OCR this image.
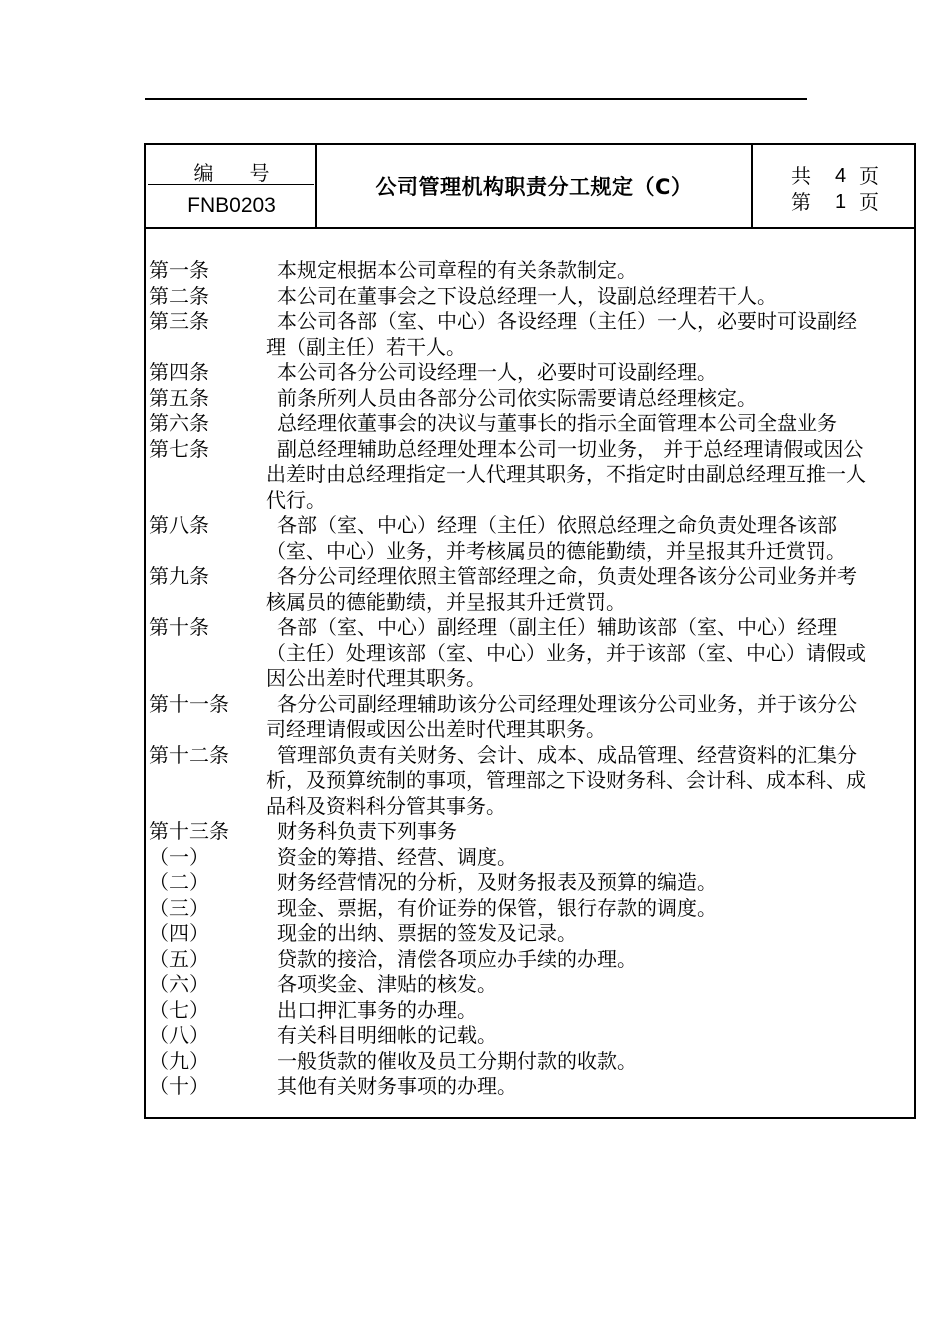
编号
FNB0203
公司管理机构职责分工规定（C）	共 4 页
第 1 页
第一条	本规定根据本公司章程的有关条款制定。
第二条	本公司在董事会之下设总经理一人，设副总经理若干人。
第三条	本公司各部（室、中心）各设经理（主任）一人，必要时可设副经
理（副主任）若干人。
第四条	本公司各分公司设经理一人，必要时可设副经理。
第五条	前条所列人员由各部分公司依实际需要请总经理核定。
第六条	总经理依董事会的决议与董事长的指示全面管理本公司全盘业务
第七条	副总经理辅助总经理处理本公司一切业务， 并于总经理请假或因公
出差时由总经理指定一人代理其职务，不指定时由副总经理互推一人
代行。
第八条	各部（室、中心）经理（主任）依照总经理之命负责处理各该部
（室、中心）业务，并考核属员的德能勤绩，并呈报其升迁赏罚。
第九条	各分公司经理依照主管部经理之命，负责处理各该分公司业务并考
核属员的德能勤绩，并呈报其升迁赏罚。
第十条	各部（室、中心）副经理（副主任）辅助该部（室、中心）经理
（主任）处理该部（室、中心）业务，并于该部（室、中心）请假或
因公出差时代理其职务。
第十一条 各分公司副经理辅助该分公司经理处理该分公司业务，并于该分公
司经理请假或因公出差时代理其职务。
第十二条 管理部负责有关财务、会计、成本、成品管理、经营资料的汇集分
析，及预算统制的事项，管理部之下设财务科、会计科、成本科、成
品科及资料科分管其事务。
第十三条 财务科负责下列事务
（一）	资金的筹措、经营、调度。
（二）	财务经营情况的分析，及财务报表及预算的编造。
（三）	现金、票据，有价证券的保管，银行存款的调度。
（四）	现金的出纳、票据的签发及记录。
（五）	贷款的接洽，清偿各项应办手续的办理。
（六）	各项奖金、津贴的核发。
（七）	出口押汇事务的办理。
（八）	有关科目明细帐的记载。
（九）	一般货款的催收及员工分期付款的收款。
（十）	其他有关财务事项的办理。
